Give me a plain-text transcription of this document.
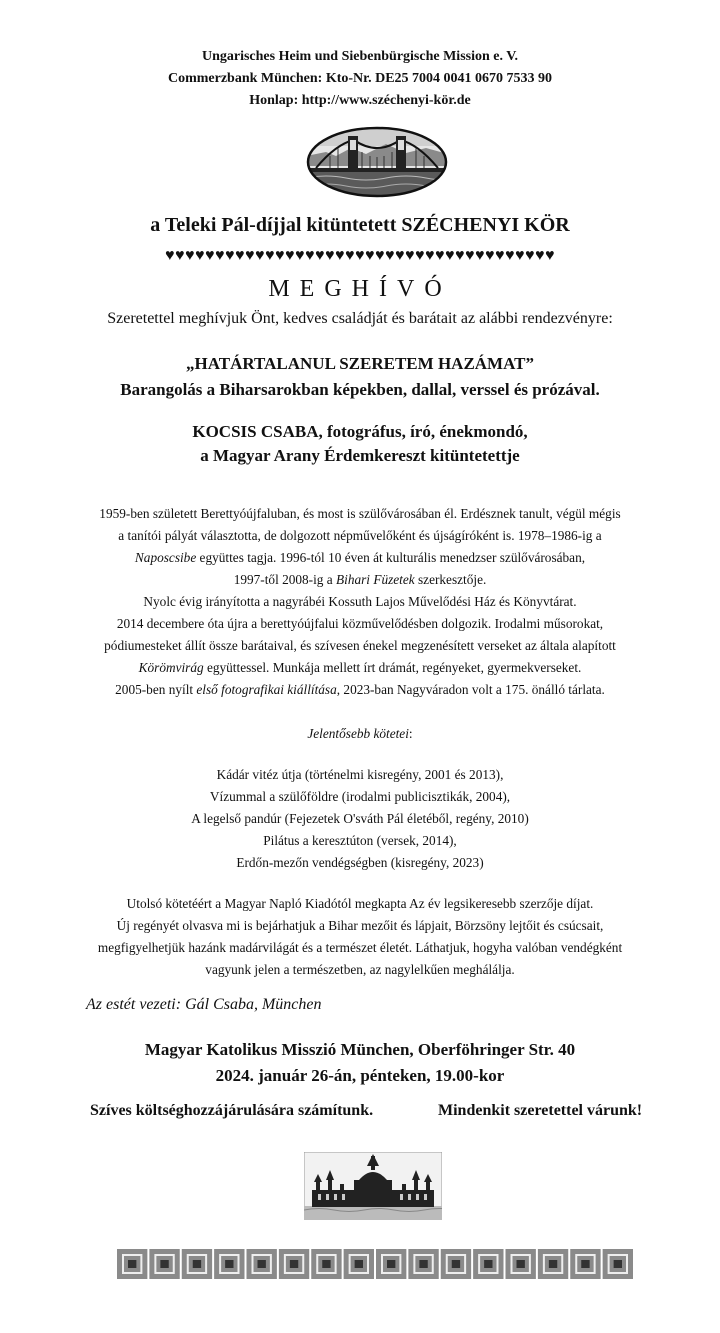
Ungarisches Heim und Siebenbürgische Mission e. V.
Commerzbank München: Kto-Nr. DE25 7004 0041 0670 7533 90
Honlap: http://www.széchenyi-kör.de
a Teleki Pál-díjjal kitüntetett SZÉCHENYI KÖR
♥♥♥♥♥♥♥♥♥♥♥♥♥♥♥♥♥♥♥♥♥♥♥♥♥♥♥♥♥♥♥♥♥♥♥♥♥♥♥
MEGHÍVÓ
Szeretettel meghívjuk Önt, kedves családját és barátait az alábbi rendezvényre:
„HATÁRTALANUL SZERETEM HAZÁMAT”
Barangolás a Biharsarokban képekben, dallal, verssel és prózával.
KOCSIS CSABA, fotográfus, író, énekmondó,
a Magyar Arany Érdemkereszt kitüntetettje
1959-ben született Berettyóújfaluban, és most is szülővárosában él. Erdésznek tanult, végül mégis
a tanítói pályát választotta, de dolgozott népművelőként és újságíróként is. 1978–1986-ig a
Naposcsibe együttes tagja. 1996-tól 10 éven át kulturális menedzser szülővárosában,
1997-től 2008-ig a Bihari Füzetek szerkesztője.
Nyolc évig irányította a nagyrábéi Kossuth Lajos Művelődési Ház és Könyvtárat.
2014 decembere óta újra a berettyóújfalui közművelődésben dolgozik. Irodalmi műsorokat,
pódiumesteket állít össze barátaival, és szívesen énekel megzenésített verseket az általa alapított
Körömvirág együttessel. Munkája mellett írt drámát, regényeket, gyermekverseket.
2005-ben nyílt első fotografikai kiállítása, 2023-ban Nagyváradon volt a 175. önálló tárlata.
Jelentősebb kötetei:
Kádár vitéz útja (történelmi kisregény, 2001 és 2013),
Vízummal a szülőföldre (irodalmi publicisztikák, 2004),
A legelső pandúr (Fejezetek O'sváth Pál életéből, regény, 2010)
Pilátus a keresztúton (versek, 2014),
Erdőn-mezőn vendégségben (kisregény, 2023)
Utolsó kötetéért a Magyar Napló Kiadótól megkapta Az év legsikeresebb szerzője díjat.
Új regényét olvasva mi is bejárhatjuk a Bihar mezőit és lápjait, Börzsöny lejtőit és csúcsait,
megfigyelhetjük hazánk madárvilágát és a természet életét. Láthatjuk, hogyha valóban vendégként
vagyunk jelen a természetben, az nagylelkűen meghálálja.
Az estét vezeti: Gál Csaba, München
Magyar Katolikus Misszió München, Oberföhringer Str. 40
2024. január 26-án, pénteken, 19.00-kor
Szíves költséghozzájárulására számítunk.	Mindenkit szeretettel várunk!
